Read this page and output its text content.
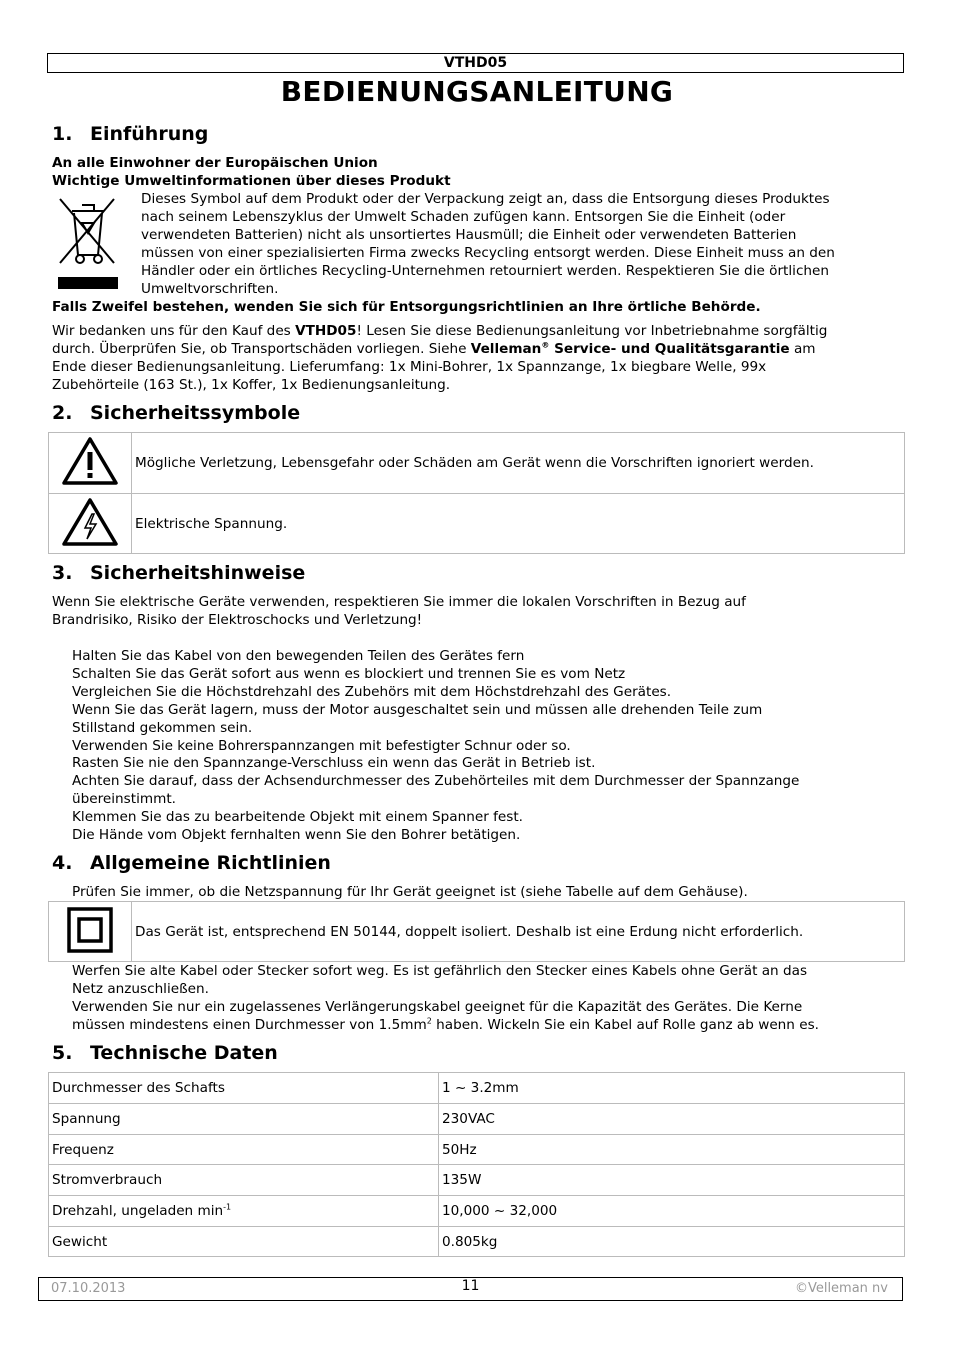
VTHD05
BEDIENUNGSANLEITUNG
1. Einführung
An alle Einwohner der Europäischen Union
Wichtige Umweltinformationen über dieses Produkt
Dieses Symbol auf dem Produkt oder der Verpackung zeigt an, dass die Entsorgung dieses Produktes
nach seinem Lebenszyklus der Umwelt Schaden zufügen kann. Entsorgen Sie die Einheit (oder
verwendeten Batterien) nicht als unsortiertes Hausmüll; die Einheit oder verwendeten Batterien
müssen von einer spezialisierten Firma zwecks Recycling entsorgt werden. Diese Einheit muss an den
Händler oder ein örtliches Recycling-Unternehmen retourniert werden. Respektieren Sie die örtlichen
Umweltvorschriften.
Falls Zweifel bestehen, wenden Sie sich für Entsorgungsrichtlinien an Ihre örtliche Behörde.
Wir bedanken uns für den Kauf des VTHD05! Lesen Sie diese Bedienungsanleitung vor Inbetriebnahme sorgfältig
durch. Überprüfen Sie, ob Transportschäden vorliegen. Siehe Velleman® Service- und Qualitätsgarantie am
Ende dieser Bedienungsanleitung. Lieferumfang: 1x Mini-Bohrer, 1x Spannzange, 1x biegbare Welle, 99x
Zubehörteile (163 St.), 1x Koffer, 1x Bedienungsanleitung.
2. Sicherheitssymbole
	Mögliche Verletzung, Lebensgefahr oder Schäden am Gerät wenn die Vorschriften ignoriert werden.
	Elektrische Spannung.
3. Sicherheitshinweise
Wenn Sie elektrische Geräte verwenden, respektieren Sie immer die lokalen Vorschriften in Bezug auf
Brandrisiko, Risiko der Elektroschocks und Verletzung!
Halten Sie das Kabel von den bewegenden Teilen des Gerätes fern
Schalten Sie das Gerät sofort aus wenn es blockiert und trennen Sie es vom Netz
Vergleichen Sie die Höchstdrehzahl des Zubehörs mit dem Höchstdrehzahl des Gerätes.
Wenn Sie das Gerät lagern, muss der Motor ausgeschaltet sein und müssen alle drehenden Teile zum
Stillstand gekommen sein.
Verwenden Sie keine Bohrerspannzangen mit befestigter Schnur oder so.
Rasten Sie nie den Spannzange-Verschluss ein wenn das Gerät in Betrieb ist.
Achten Sie darauf, dass der Achsendurchmesser des Zubehörteiles mit dem Durchmesser der Spannzange
übereinstimmt.
Klemmen Sie das zu bearbeitende Objekt mit einem Spanner fest.
Die Hände vom Objekt fernhalten wenn Sie den Bohrer betätigen.
4. Allgemeine Richtlinien
Prüfen Sie immer, ob die Netzspannung für Ihr Gerät geeignet ist (siehe Tabelle auf dem Gehäuse).
	Das Gerät ist, entsprechend EN 50144, doppelt isoliert. Deshalb ist eine Erdung nicht erforderlich.
Werfen Sie alte Kabel oder Stecker sofort weg. Es ist gefährlich den Stecker eines Kabels ohne Gerät an das
Netz anzuschließen.
Verwenden Sie nur ein zugelassenes Verlängerungskabel geeignet für die Kapazität des Gerätes. Die Kerne
müssen mindestens einen Durchmesser von $1.5mm^2$ haben. Wickeln Sie ein Kabel auf Rolle ganz ab wenn es.
5. Technische Daten
Durchmesser des Schafts	1 ~ 3.2mm
Spannung	230VAC
Frequenz	50Hz
Stromverbrauch	135W
Drehzahl, ungeladen $\min^{-1}$	10,000 ~ 32,000
Gewicht	0.805kg
07.10.2013	11	©Velleman nv
